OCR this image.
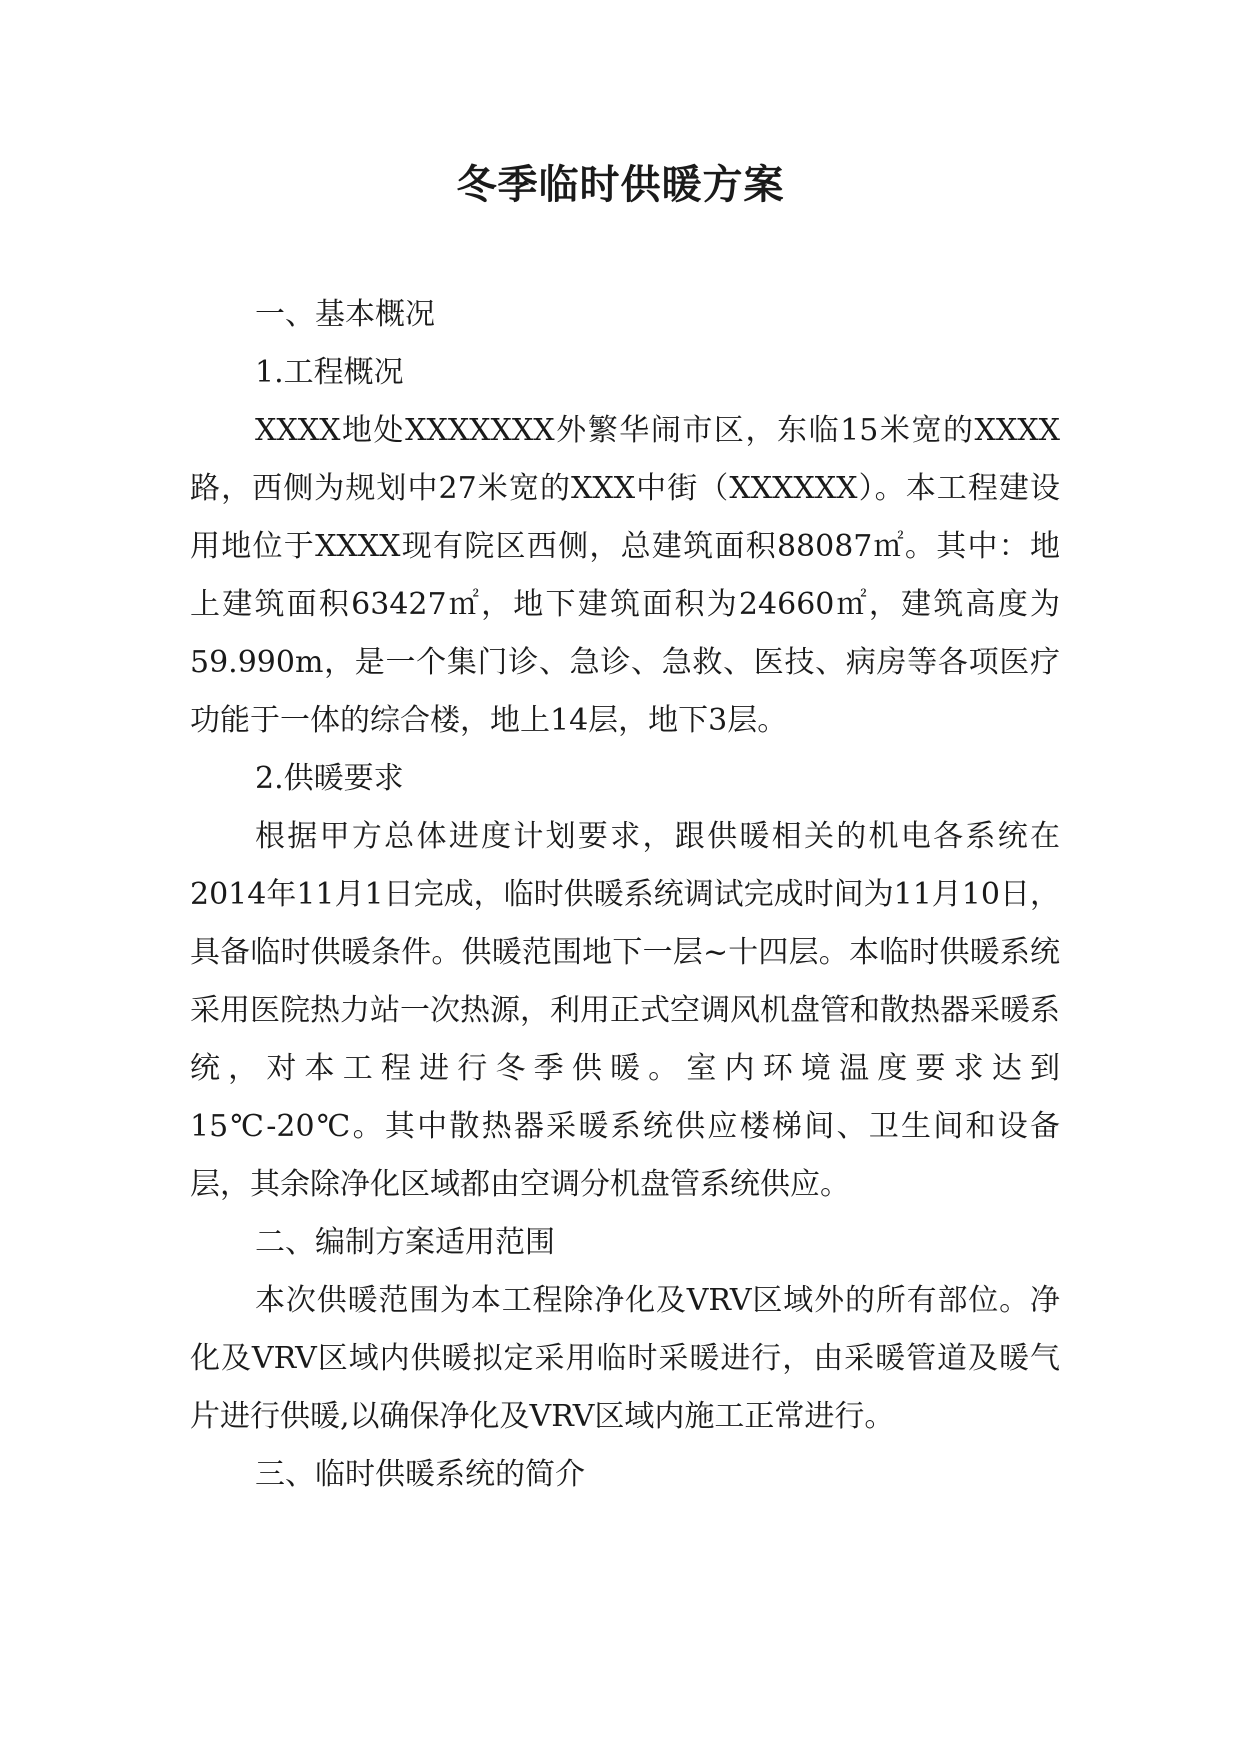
冬季临时供暖方案

一、基本概况

1.工程概况

XXXX地处XXXXXXX外繁华闹市区，东临15米宽的XXXX路，西侧为规划中27米宽的XXX中街（XXXXXX）。本工程建设用地位于XXXX现有院区西侧，总建筑面积88087㎡。其中：地上建筑面积63427㎡，地下建筑面积为24660㎡，建筑高度为59.990m，是一个集门诊、急诊、急救、医技、病房等各项医疗功能于一体的综合楼，地上14层，地下3层。

2.供暖要求

根据甲方总体进度计划要求，跟供暖相关的机电各系统在2014年11月1日完成，临时供暖系统调试完成时间为11月10日，具备临时供暖条件。供暖范围地下一层~十四层。本临时供暖系统采用医院热力站一次热源，利用正式空调风机盘管和散热器采暖系统，对本工程进行冬季供暖。室内环境温度要求达到15℃-20℃。其中散热器采暖系统供应楼梯间、卫生间和设备层，其余除净化区域都由空调分机盘管系统供应。

二、编制方案适用范围

本次供暖范围为本工程除净化及VRV区域外的所有部位。净化及VRV区域内供暖拟定采用临时采暖进行，由采暖管道及暖气片进行供暖,以确保净化及VRV区域内施工正常进行。

三、临时供暖系统的简介
